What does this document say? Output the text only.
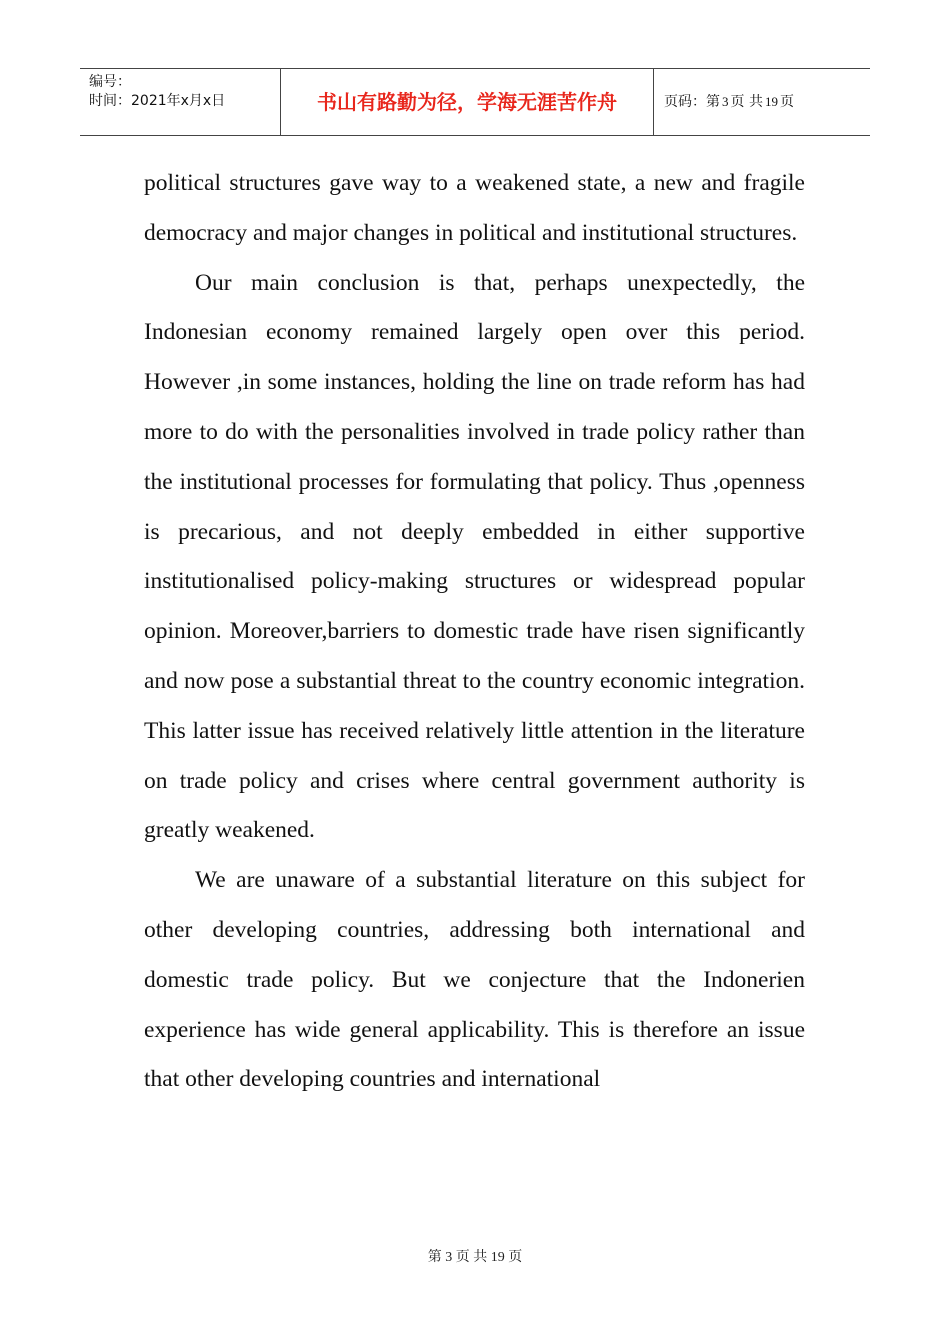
编号：
时间：2021年x月x日	书山有路勤为径，学海无涯苦作舟	页码：第 3 页 共 19 页

political structures gave way to a weakened state, a new and fragile democracy and major changes in political and institutional structures.

Our main conclusion is that, perhaps unexpectedly, the Indonesian economy remained largely open over this period. However ,in some instances, holding the line on trade reform has had more to do with the personalities involved in trade policy rather than the institutional processes for formulating that policy. Thus ,openness is precarious, and not deeply embedded in either supportive institutionalised policy-making structures or widespread popular opinion. Moreover,barriers to domestic trade have risen significantly and now pose a substantial threat to the country economic integration. This latter issue has received relatively little attention in the literature on trade policy and crises where central government authority is greatly weakened.

We are unaware of a substantial literature on this subject for other developing countries, addressing both international and domestic trade policy. But we conjecture that the Indonerien experience has wide general applicability. This is therefore an issue that other developing countries and international

第 3 页 共 19 页
